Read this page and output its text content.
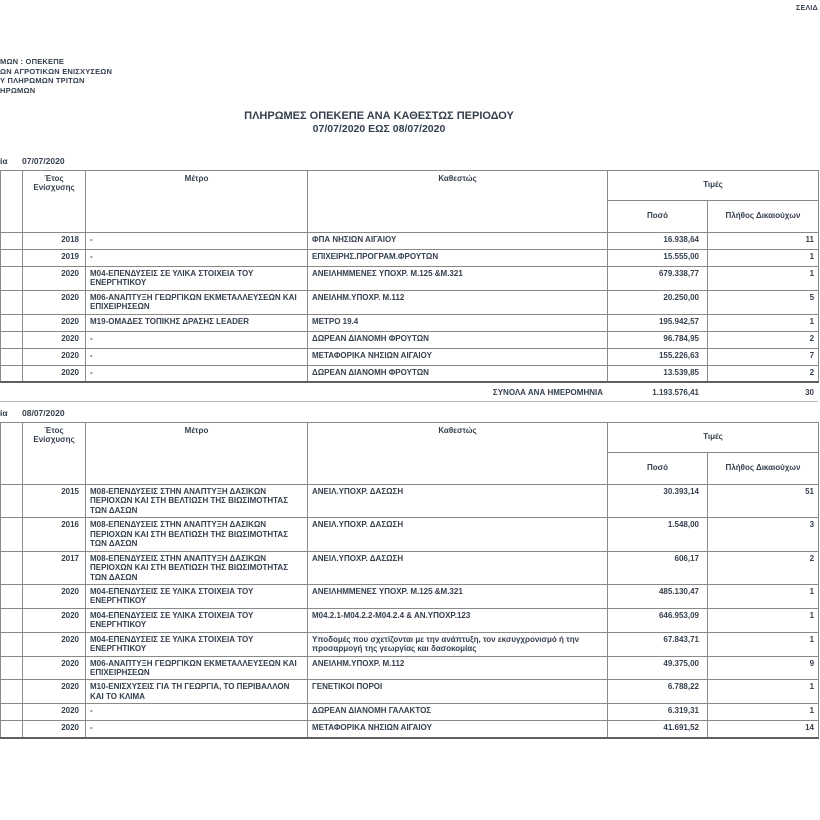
ΣΕΛΙΔ
ΜΩΝ : ΟΠΕΚΕΠΕ
ΩΝ ΑΓΡΟΤΙΚΩΝ ΕΝΙΣΧΥΣΕΩΝ
Υ ΠΛΗΡΩΜΩΝ ΤΡΙΤΩΝ
ΗΡΩΜΩΝ
ΠΛΗΡΩΜΕΣ ΟΠΕΚΕΠΕ ΑΝΑ ΚΑΘΕΣΤΩΣ ΠΕΡΙΟΔΟΥ
07/07/2020 ΕΩΣ 08/07/2020
ία 07/07/2020
	Έτος Ενίσχυσης	Μέτρο	Καθεστώς	Τιμές	
				Ποσό	Πλήθος Δικαιούχων
	2018	-	ΦΠΑ ΝΗΣΙΩΝ ΑΙΓΑΙΟΥ	16.938,64	11
	2019	-	ΕΠΙΧΕΙΡΗΣ.ΠΡΟΓΡΑΜ.ΦΡΟΥΤΩΝ	15.555,00	1
	2020	Μ04-ΕΠΕΝΔΥΣΕΙΣ ΣΕ ΥΛΙΚΑ ΣΤΟΙΧΕΙΑ ΤΟΥ ΕΝΕΡΓΗΤΙΚΟΥ	ΑΝΕΙΛΗΜΜΕΝΕΣ ΥΠΟΧΡ. Μ.125 &Μ.321	679.338,77	1
	2020	Μ06-ΑΝΑΠΤΥΞΗ ΓΕΩΡΓΙΚΩΝ ΕΚΜΕΤΑΛΛΕΥΣΕΩΝ ΚΑΙ ΕΠΙΧΕΙΡΗΣΕΩΝ	ΑΝΕΙΛΗΜ.ΥΠΟΧΡ. Μ.112	20.250,00	5
	2020	Μ19-ΟΜΑΔΕΣ ΤΟΠΙΚΗΣ ΔΡΑΣΗΣ LEADER	ΜΕΤΡΟ 19.4	195.942,57	1
	2020	-	ΔΩΡΕΑΝ ΔΙΑΝΟΜΗ ΦΡΟΥΤΩΝ	96.784,95	2
	2020	-	ΜΕΤΑΦΟΡΙΚΑ ΝΗΣΙΩΝ ΑΙΓΑΙΟΥ	155.226,63	7
	2020	-	ΔΩΡΕΑΝ ΔΙΑΝΟΜΗ ΦΡΟΥΤΩΝ	13.539,85	2
ΣΥΝΟΛΑ ΑΝΑ ΗΜΕΡΟΜΗΝΙΑ	1.193.576,41	30
ία 08/07/2020
	Έτος Ενίσχυσης	Μέτρο	Καθεστώς	Τιμές	
				Ποσό	Πλήθος Δικαιούχων
	2015	Μ08-ΕΠΕΝΔΥΣΕΙΣ ΣΤΗΝ ΑΝΑΠΤΥΞΗ ΔΑΣΙΚΩΝ ΠΕΡΙΟΧΩΝ ΚΑΙ ΣΤΗ ΒΕΛΤΙΩΣΗ ΤΗΣ ΒΙΩΣΙΜΟΤΗΤΑΣ ΤΩΝ ΔΑΣΩΝ	ΑΝΕΙΛ.ΥΠΟΧΡ. ΔΑΣΩΣΗ	30.393,14	51
	2016	Μ08-ΕΠΕΝΔΥΣΕΙΣ ΣΤΗΝ ΑΝΑΠΤΥΞΗ ΔΑΣΙΚΩΝ ΠΕΡΙΟΧΩΝ ΚΑΙ ΣΤΗ ΒΕΛΤΙΩΣΗ ΤΗΣ ΒΙΩΣΙΜΟΤΗΤΑΣ ΤΩΝ ΔΑΣΩΝ	ΑΝΕΙΛ.ΥΠΟΧΡ. ΔΑΣΩΣΗ	1.548,00	3
	2017	Μ08-ΕΠΕΝΔΥΣΕΙΣ ΣΤΗΝ ΑΝΑΠΤΥΞΗ ΔΑΣΙΚΩΝ ΠΕΡΙΟΧΩΝ ΚΑΙ ΣΤΗ ΒΕΛΤΙΩΣΗ ΤΗΣ ΒΙΩΣΙΜΟΤΗΤΑΣ ΤΩΝ ΔΑΣΩΝ	ΑΝΕΙΛ.ΥΠΟΧΡ. ΔΑΣΩΣΗ	606,17	2
	2020	Μ04-ΕΠΕΝΔΥΣΕΙΣ ΣΕ ΥΛΙΚΑ ΣΤΟΙΧΕΙΑ ΤΟΥ ΕΝΕΡΓΗΤΙΚΟΥ	ΑΝΕΙΛΗΜΜΕΝΕΣ ΥΠΟΧΡ. Μ.125 &Μ.321	485.130,47	1
	2020	Μ04-ΕΠΕΝΔΥΣΕΙΣ ΣΕ ΥΛΙΚΑ ΣΤΟΙΧΕΙΑ ΤΟΥ ΕΝΕΡΓΗΤΙΚΟΥ	Μ04.2.1-Μ04.2.2-Μ04.2.4 & ΑΝ.ΥΠΟΧΡ.123	646.953,09	1
	2020	Μ04-ΕΠΕΝΔΥΣΕΙΣ ΣΕ ΥΛΙΚΑ ΣΤΟΙΧΕΙΑ ΤΟΥ ΕΝΕΡΓΗΤΙΚΟΥ	Υποδομές που σχετίζονται με την ανάπτυξη, τον εκσυγχρονισμό ή την προσαρμογή της γεωργίας και δασοκομίας	67.843,71	1
	2020	Μ06-ΑΝΑΠΤΥΞΗ ΓΕΩΡΓΙΚΩΝ ΕΚΜΕΤΑΛΛΕΥΣΕΩΝ ΚΑΙ ΕΠΙΧΕΙΡΗΣΕΩΝ	ΑΝΕΙΛΗΜ.ΥΠΟΧΡ. Μ.112	49.375,00	9
	2020	Μ10-ΕΝΙΣΧΥΣΕΙΣ ΓΙΑ ΤΗ ΓΕΩΡΓΙΑ, ΤΟ ΠΕΡΙΒΑΛΛΟΝ ΚΑΙ ΤΟ ΚΛΙΜΑ	ΓΕΝΕΤΙΚΟΙ ΠΟΡΟΙ	6.788,22	1
	2020	-	ΔΩΡΕΑΝ ΔΙΑΝΟΜΗ ΓΑΛΑΚΤΟΣ	6.319,31	1
	2020	-	ΜΕΤΑΦΟΡΙΚΑ ΝΗΣΙΩΝ ΑΙΓΑΙΟΥ	41.691,52	14
